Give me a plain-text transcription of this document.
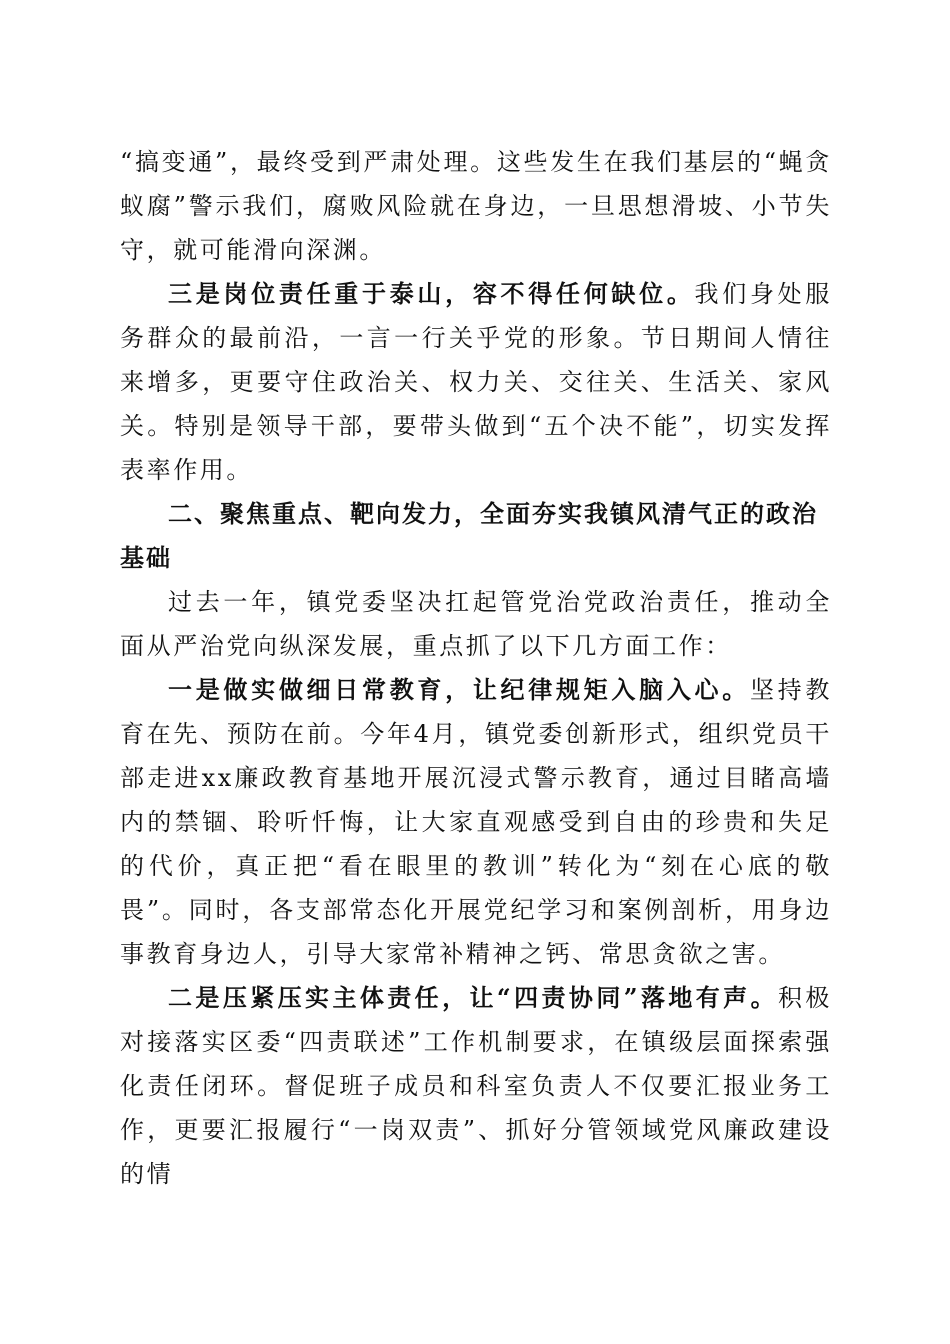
“搞变通”，最终受到严肃处理。这些发生在我们基层的“蝇贪蚁腐”警示我们，腐败风险就在身边，一旦思想滑坡、小节失守，就可能滑向深渊。

三是岗位责任重于泰山，容不得任何缺位。我们身处服务群众的最前沿，一言一行关乎党的形象。节日期间人情往来增多，更要守住政治关、权力关、交往关、生活关、家风关。特别是领导干部，要带头做到“五个决不能”，切实发挥表率作用。

二、聚焦重点、靶向发力，全面夯实我镇风清气正的政治基础

过去一年，镇党委坚决扛起管党治党政治责任，推动全面从严治党向纵深发展，重点抓了以下几方面工作：

一是做实做细日常教育，让纪律规矩入脑入心。坚持教育在先、预防在前。今年4月，镇党委创新形式，组织党员干部走进xx廉政教育基地开展沉浸式警示教育，通过目睹高墙内的禁锢、聆听忏悔，让大家直观感受到自由的珍贵和失足的代价，真正把“看在眼里的教训”转化为“刻在心底的敬畏”。同时，各支部常态化开展党纪学习和案例剖析，用身边事教育身边人，引导大家常补精神之钙、常思贪欲之害。

二是压紧压实主体责任，让“四责协同”落地有声。积极对接落实区委“四责联述”工作机制要求，在镇级层面探索强化责任闭环。督促班子成员和科室负责人不仅要汇报业务工作，更要汇报履行“一岗双责”、抓好分管领域党风廉政建设的情
